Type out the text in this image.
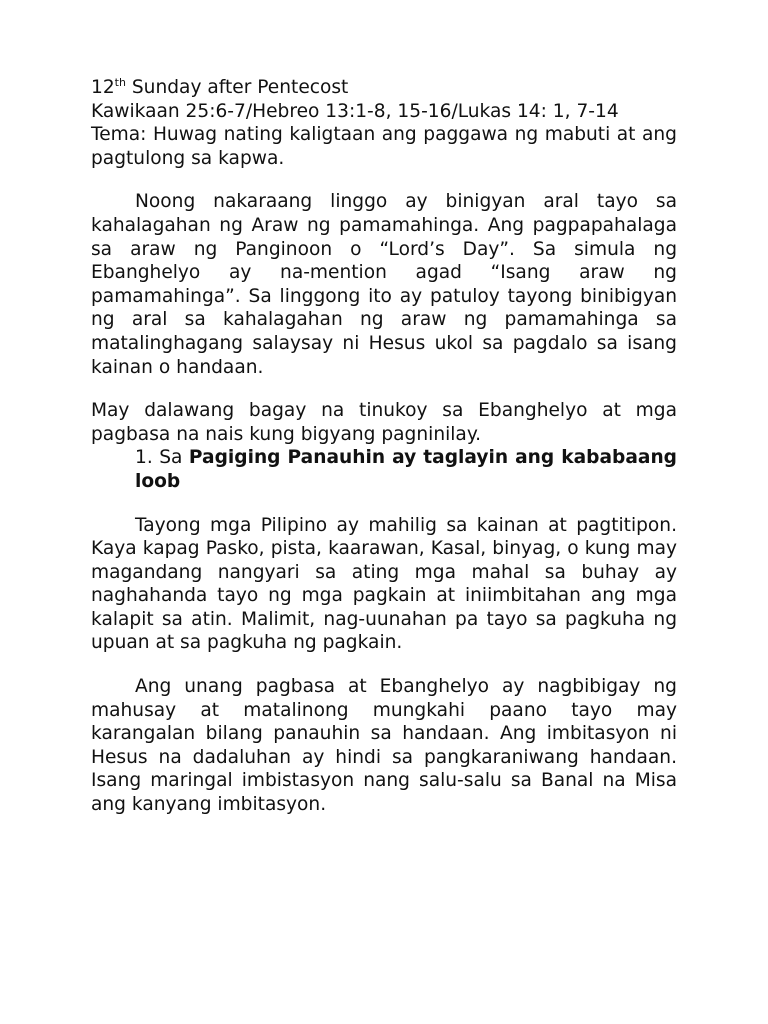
12th Sunday after Pentecost

Kawikaan 25:6-7/Hebreo 13:1-8, 15-16/Lukas 14: 1, 7-14

Tema: Huwag nating kaligtaan ang paggawa ng mabuti at ang pagtulong sa kapwa.

Noong nakaraang linggo ay binigyan aral tayo sa kahalagahan ng Araw ng pamamahinga. Ang pagpapahalaga sa araw ng Panginoon o “Lord’s Day”. Sa simula ng Ebanghelyo ay na-mention agad “Isang araw ng pamamahinga”. Sa linggong ito ay patuloy tayong binibigyan ng aral sa kahalagahan ng araw ng pamamahinga sa matalinghagang salaysay ni Hesus ukol sa pagdalo sa isang kainan o handaan.

May dalawang bagay na tinukoy sa Ebanghelyo at mga pagbasa na nais kung bigyang pagninilay.

1. Sa Pagiging Panauhin ay taglayin ang kababaang loob

Tayong mga Pilipino ay mahilig sa kainan at pagtitipon. Kaya kapag Pasko, pista, kaarawan, Kasal, binyag, o kung may magandang nangyari sa ating mga mahal sa buhay ay naghahanda tayo ng mga pagkain at iniimbitahan ang mga kalapit sa atin. Malimit, nag-uunahan pa tayo sa pagkuha ng upuan at sa pagkuha ng pagkain.

Ang unang pagbasa at Ebanghelyo ay nagbibigay ng mahusay at matalinong mungkahi paano tayo may karangalan bilang panauhin sa handaan. Ang imbitasyon ni Hesus na dadaluhan ay hindi sa pangkaraniwang handaan. Isang maringal imbistasyon nang salu-salu sa Banal na Misa ang kanyang imbitasyon.
